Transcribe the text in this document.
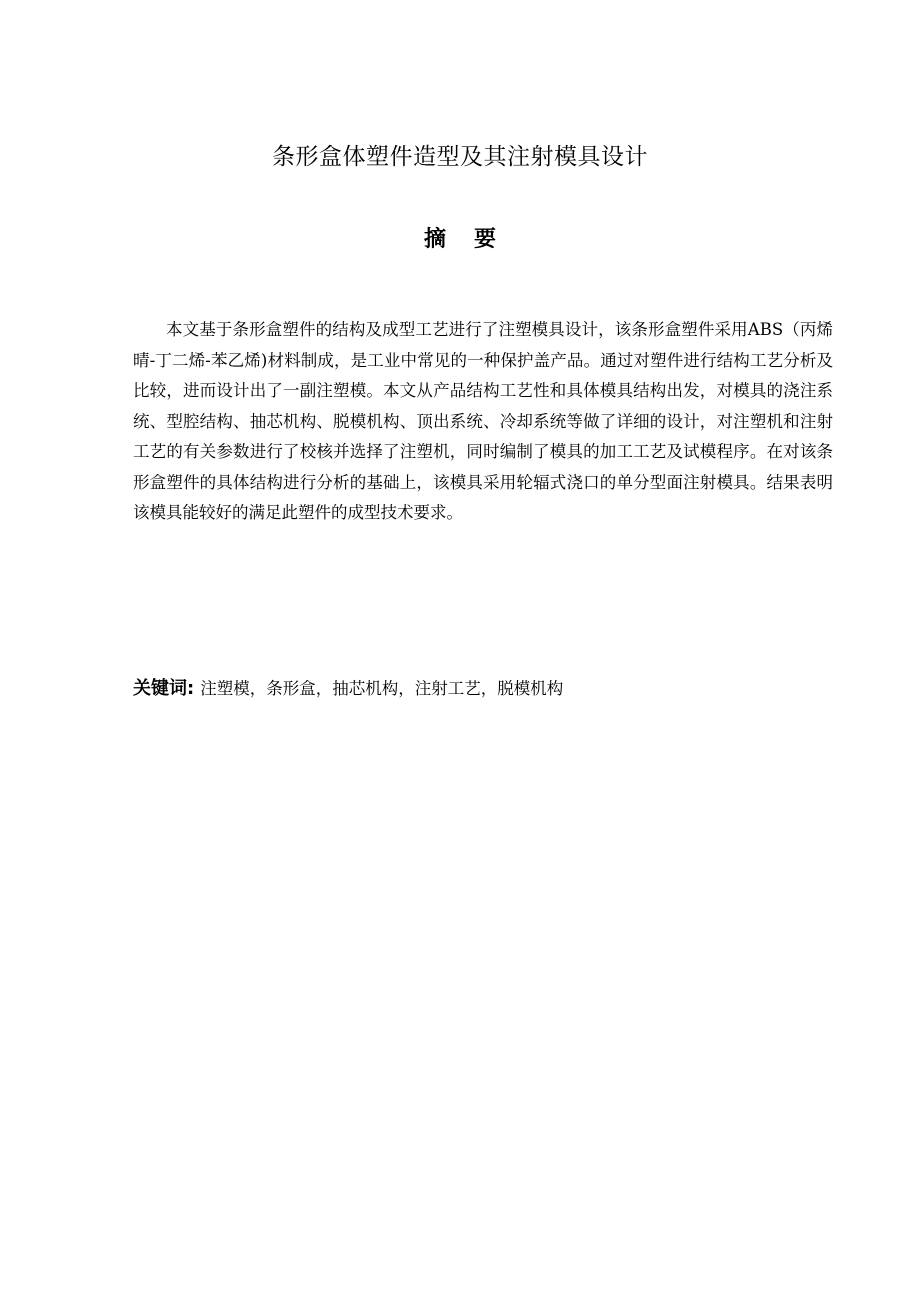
条形盒体塑件造型及其注射模具设计
摘要

本文基于条形盒塑件的结构及成型工艺进行了注塑模具设计，该条形盒塑件采用ABS（丙烯晴-丁二烯-苯乙烯)材料制成，是工业中常见的一种保护盖产品。通过对塑件进行结构工艺分析及比较，进而设计出了一副注塑模。本文从产品结构工艺性和具体模具结构出发，对模具的浇注系统、型腔结构、抽芯机构、脱模机构、顶出系统、冷却系统等做了详细的设计，对注塑机和注射工艺的有关参数进行了校核并选择了注塑机，同时编制了模具的加工工艺及试模程序。在对该条形盒塑件的具体结构进行分析的基础上，该模具采用轮辐式浇口的单分型面注射模具。结果表明该模具能较好的满足此塑件的成型技术要求。

关键词: 注塑模，条形盒，抽芯机构，注射工艺，脱模机构
